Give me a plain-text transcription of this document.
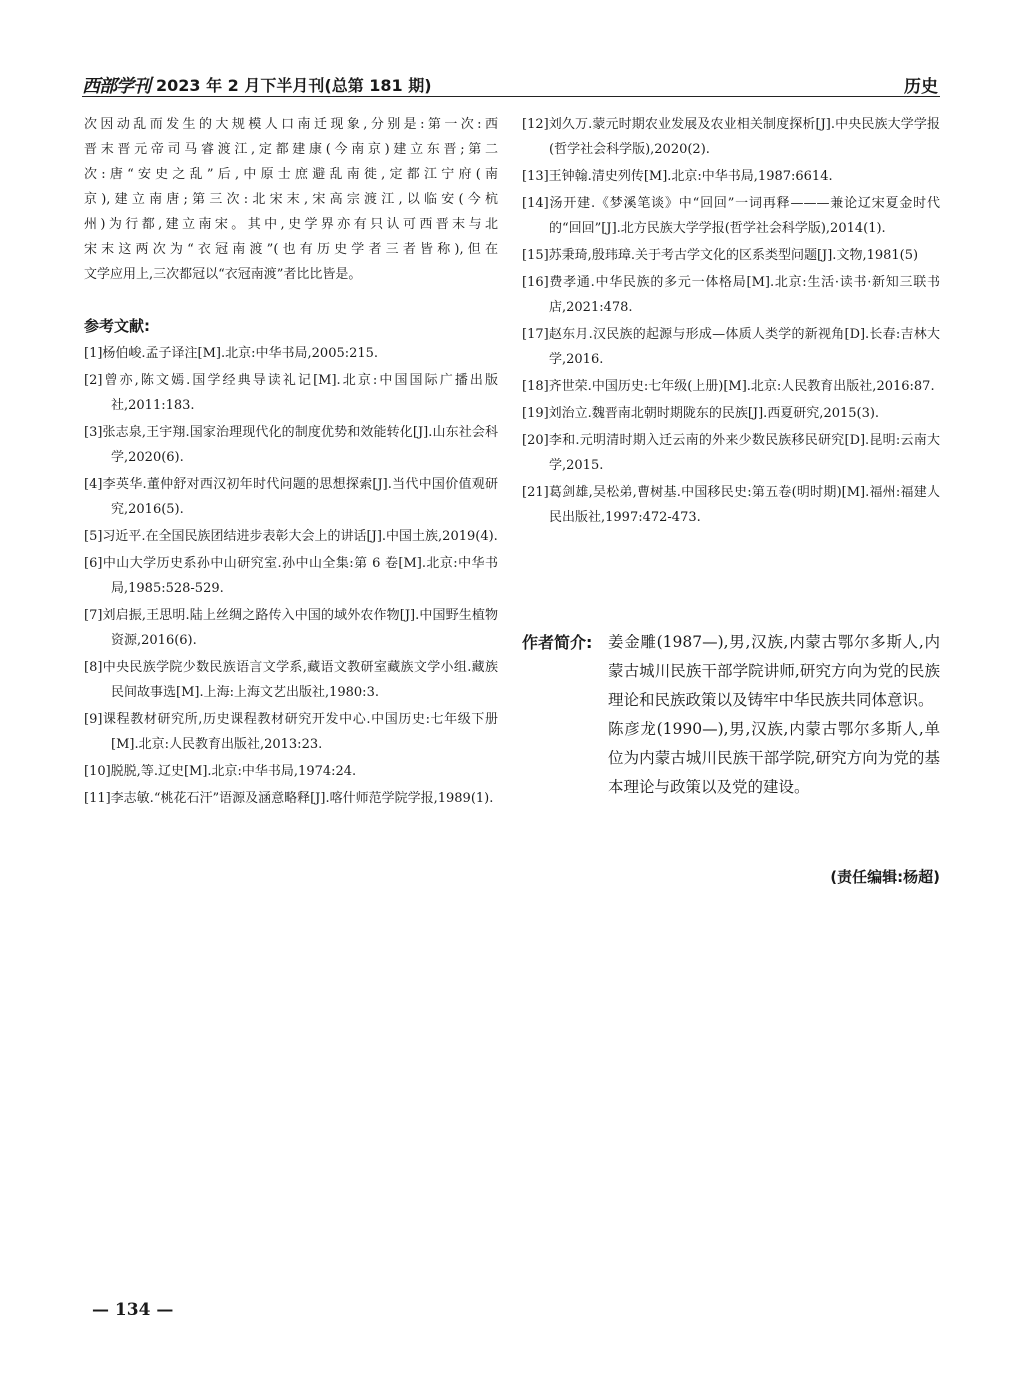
西部学刊 2023 年 2 月下半月刊(总第 181 期)	历史
次因动乱而发生的大规模人口南迁现象,分别是:第一次:西
晋末晋元帝司马睿渡江,定都建康(今南京)建立东晋;第二
次:唐“安史之乱”后,中原士庶避乱南徙,定都江宁府(南
京),建立南唐;第三次:北宋末,宋高宗渡江,以临安(今杭
州)为行都,建立南宋。其中,史学界亦有只认可西晋末与北
宋末这两次为“衣冠南渡”(也有历史学者三者皆称),但在
文学应用上,三次都冠以“衣冠南渡”者比比皆是。
参考文献:
[1]杨伯峻.孟子译注[M].北京:中华书局,2005:215.
[2]曾亦,陈文嫣.国学经典导读礼记[M].北京:中国国际广播出版社,2011:183.
[3]张志泉,王宇翔.国家治理现代化的制度优势和效能转化[J].山东社会科学,2020(6).
[4]李英华.董仲舒对西汉初年时代问题的思想探索[J].当代中国价值观研究,2016(5).
[5]习近平.在全国民族团结进步表彰大会上的讲话[J].中国土族,2019(4).
[6]中山大学历史系孙中山研究室.孙中山全集:第 6 卷[M].北京:中华书局,1985:528-529.
[7]刘启振,王思明.陆上丝绸之路传入中国的域外农作物[J].中国野生植物资源,2016(6).
[8]中央民族学院少数民族语言文学系,藏语文教研室藏族文学小组.藏族民间故事选[M].上海:上海文艺出版社,1980:3.
[9]课程教材研究所,历史课程教材研究开发中心.中国历史:七年级下册[M].北京:人民教育出版社,2013:23.
[10]脱脱,等.辽史[M].北京:中华书局,1974:24.
[11]李志敏.“桃花石汗”语源及涵意略释[J].喀什师范学院学报,1989(1).
[12]刘久万.蒙元时期农业发展及农业相关制度探析[J].中央民族大学学报(哲学社会科学版),2020(2).
[13]王钟翰.清史列传[M].北京:中华书局,1987:6614.
[14]汤开建.《梦溪笔谈》中“回回”一词再释———兼论辽宋夏金时代的“回回”[J].北方民族大学学报(哲学社会科学版),2014(1).
[15]苏秉琦,殷玮璋.关于考古学文化的区系类型问题[J].文物,1981(5)
[16]费孝通.中华民族的多元一体格局[M].北京:生活·读书·新知三联书店,2021:478.
[17]赵东月.汉民族的起源与形成—体质人类学的新视角[D].长春:吉林大学,2016.
[18]齐世荣.中国历史:七年级(上册)[M].北京:人民教育出版社,2016:87.
[19]刘治立.魏晋南北朝时期陇东的民族[J].西夏研究,2015(3).
[20]李和.元明清时期入迁云南的外来少数民族移民研究[D].昆明:云南大学,2015.
[21]葛剑雄,吴松弟,曹树基.中国移民史:第五卷(明时期)[M].福州:福建人民出版社,1997:472-473.
作者简介: 姜金雕(1987—),男,汉族,内蒙古鄂尔多斯人,内蒙古城川民族干部学院讲师,研究方向为党的民族理论和民族政策以及铸牢中华民族共同体意识。

陈彦龙(1990—),男,汉族,内蒙古鄂尔多斯人,单位为内蒙古城川民族干部学院,研究方向为党的基本理论与政策以及党的建设。

(责任编辑:杨超)
— 134 —
